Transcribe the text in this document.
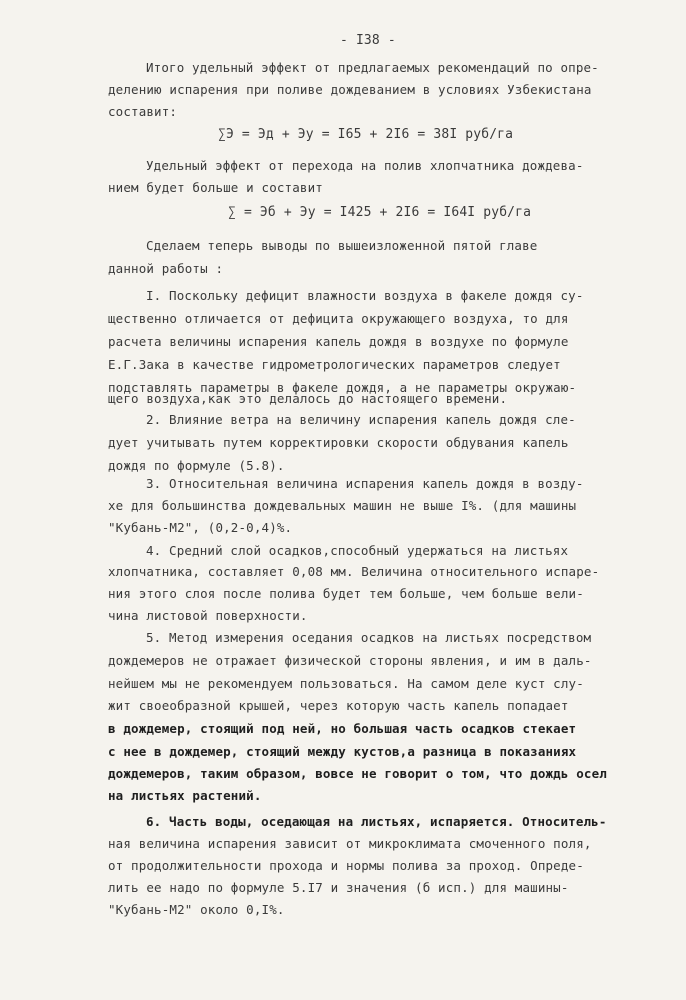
- I38 -

Итого удельный эффект от предлагаемых рекомендаций по опре-

делению испарения при поливе дождеванием в условиях Узбекистана

составит:

∑Э = Эд + Эу = I65 + 2I6 = 38I руб/га

Удельный эффект от перехода на полив хлопчатника дождева-

нием будет больше и составит

∑ = Эб + Эу = I425 + 2I6 = I64I руб/га

Сделаем теперь выводы по вышеизложенной пятой главе

данной работы :

I. Поскольку дефицит влажности воздуха в факеле дождя су-

щественно отличается от дефицита окружающего воздуха, то для

расчета величины испарения капель дождя в воздухе по формуле

Е.Г.Зака в качестве гидрометрологических параметров следует

подставлять параметры в факеле дождя, а не параметры окружаю-

щего воздуха,как это делалось до настоящего времени.

2. Влияние ветра на величину испарения капель дождя сле-

дует учитывать путем корректировки скорости обдувания капель

дождя по формуле (5.8).

3. Относительная величина испарения капель дождя в возду-

хе для большинства дождевальных машин не выше I%. (для машины

"Кубань-М2", (0,2-0,4)%.

4. Средний слой осадков,способный удержаться на листьях

хлопчатника, составляет 0,08 мм. Величина относительного испаре-

ния этого слоя после полива будет тем больше, чем больше вели-

чина листовой поверхности.

5. Метод измерения оседания осадков на листьях посредством

дождемеров не отражает физической стороны явления, и им в даль-

нейшем мы не рекомендуем пользоваться. На самом деле куст слу-

жит своеобразной крышей, через которую часть капель попадает

в дождемер, стоящий под ней, но большая часть осадков стекает

с нее в дождемер, стоящий между кустов,а разница в показаниях

дождемеров, таким образом, вовсе не говорит о том, что дождь осел

на листьях растений.

6. Часть воды, оседающая на листьях, испаряется. Относитель-

ная величина испарения зависит от микроклимата смоченного поля,

от продолжительности прохода и нормы полива за проход. Опреде-

лить ее надо по формуле 5.I7 и значения (б исп.) для машины-

"Кубань-М2" около 0,I%.
